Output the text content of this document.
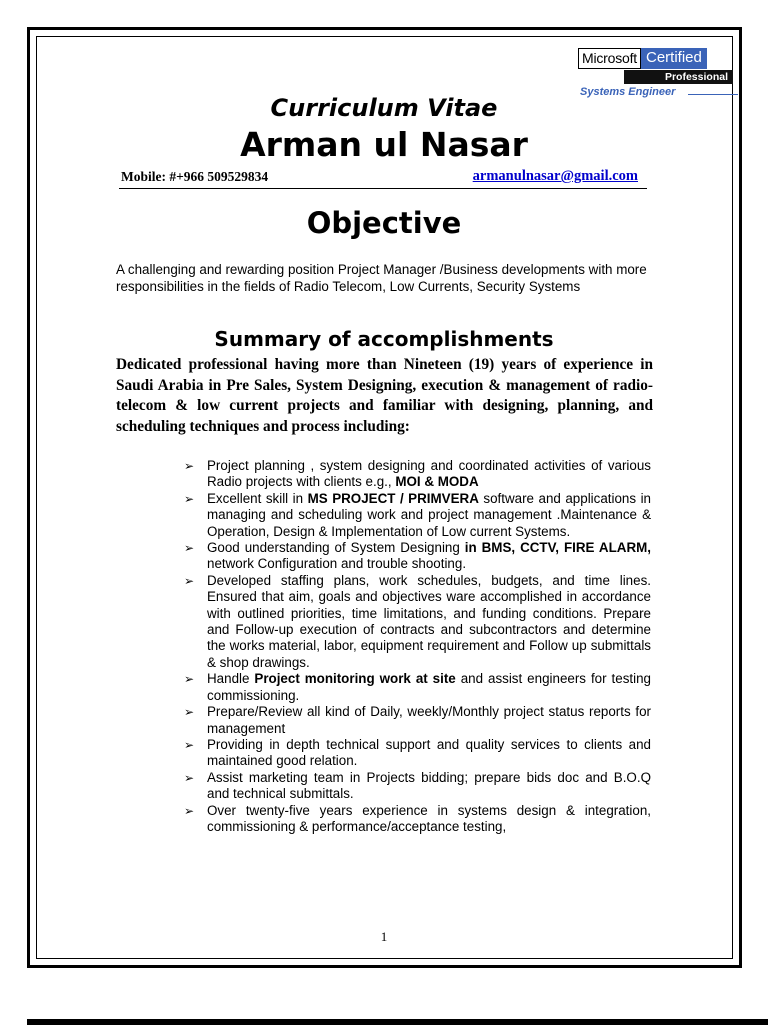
Microsoft Certified
Professional
Systems Engineer
Curriculum Vitae
Arman ul Nasar
Mobile: #+966 509529834	armanulnasar@gmail.com
Objective
A challenging and rewarding position Project Manager /Business developments with more responsibilities in the fields of Radio Telecom, Low Currents, Security Systems
Summary of accomplishments
Dedicated professional having more than Nineteen (19) years of experience in Saudi Arabia in Pre Sales, System Designing, execution & management of radio-telecom & low current projects and familiar with designing, planning, and scheduling techniques and process including:
➢ Project planning , system designing and coordinated activities of various Radio projects with clients e.g., MOI & MODA
➢ Excellent skill in MS PROJECT / PRIMVERA software and applications in managing and scheduling work and project management .Maintenance & Operation, Design & Implementation of Low current Systems.
➢ Good understanding of System Designing in BMS, CCTV, FIRE ALARM, network Configuration and trouble shooting.
➢ Developed staffing plans, work schedules, budgets, and time lines. Ensured that aim, goals and objectives ware accomplished in accordance with outlined priorities, time limitations, and funding conditions. Prepare and Follow-up execution of contracts and subcontractors and determine the works material, labor, equipment requirement and Follow up submittals & shop drawings.
➢ Handle Project monitoring work at site and assist engineers for testing commissioning.
➢ Prepare/Review all kind of Daily, weekly/Monthly project status reports for management
➢ Providing in depth technical support and quality services to clients and maintained good relation.
➢ Assist marketing team in Projects bidding; prepare bids doc and B.O.Q and technical submittals.
➢ Over twenty-five years experience in systems design & integration, commissioning & performance/acceptance testing,
1
